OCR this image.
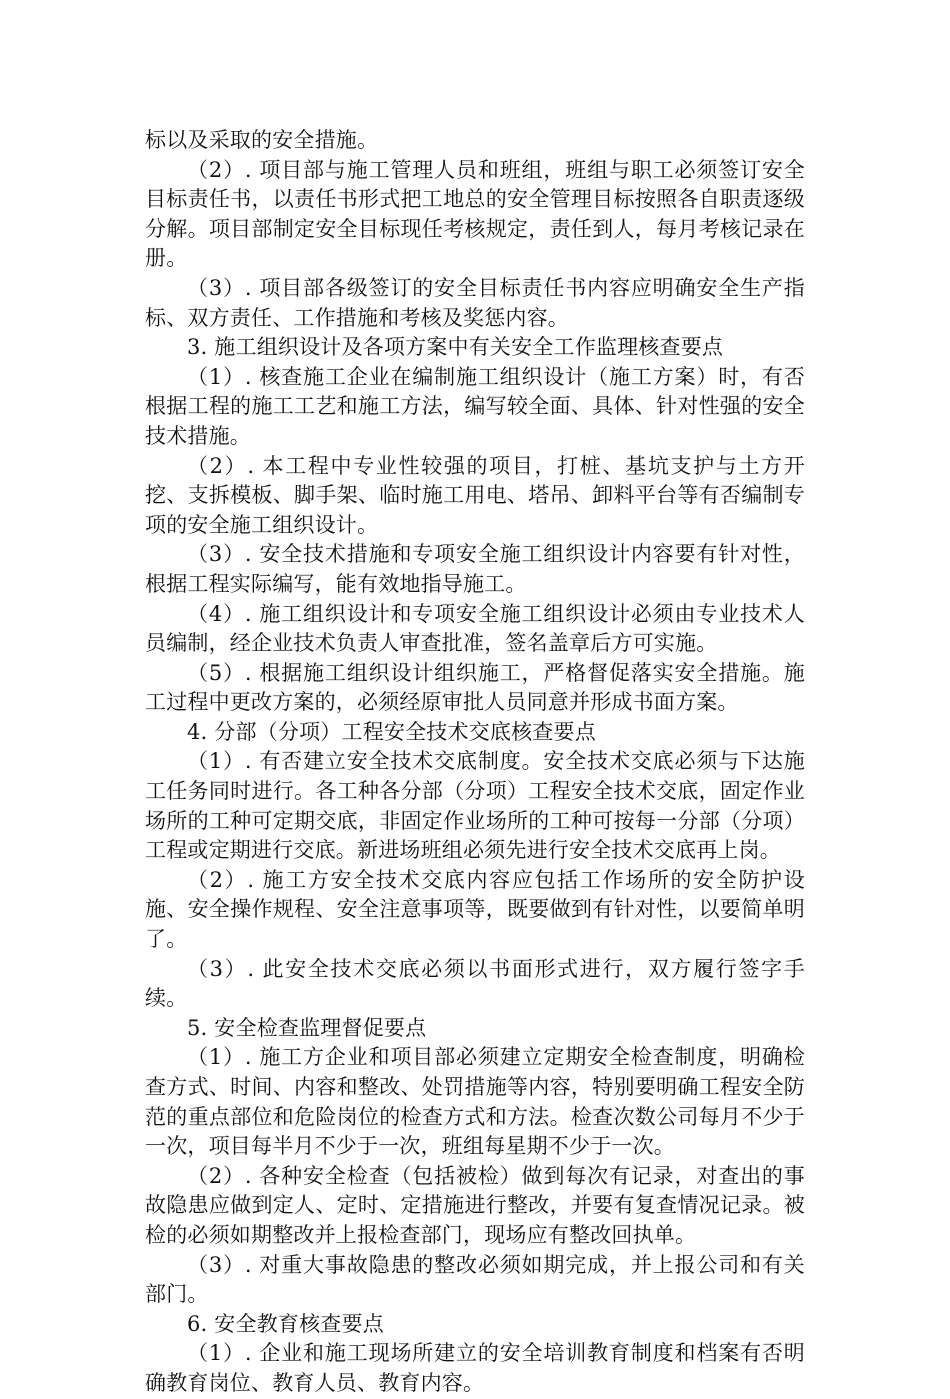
标以及采取的安全措施。

（2）. 项目部与施工管理人员和班组，班组与职工必须签订安全目标责任书，以责任书形式把工地总的安全管理目标按照各自职责逐级分解。项目部制定安全目标现任考核规定，责任到人，每月考核记录在册。

（3）. 项目部各级签订的安全目标责任书内容应明确安全生产指标、双方责任、工作措施和考核及奖惩内容。

3. 施工组织设计及各项方案中有关安全工作监理核查要点

（1）. 核查施工企业在编制施工组织设计（施工方案）时，有否根据工程的施工工艺和施工方法，编写较全面、具体、针对性强的安全技术措施。

（2）. 本工程中专业性较强的项目，打桩、基坑支护与土方开挖、支拆模板、脚手架、临时施工用电、塔吊、卸料平台等有否编制专项的安全施工组织设计。

（3）. 安全技术措施和专项安全施工组织设计内容要有针对性，根据工程实际编写，能有效地指导施工。

（4）. 施工组织设计和专项安全施工组织设计必须由专业技术人员编制，经企业技术负责人审查批准，签名盖章后方可实施。

（5）. 根据施工组织设计组织施工，严格督促落实安全措施。施工过程中更改方案的，必须经原审批人员同意并形成书面方案。

4. 分部（分项）工程安全技术交底核查要点

（1）. 有否建立安全技术交底制度。安全技术交底必须与下达施工任务同时进行。各工种各分部（分项）工程安全技术交底，固定作业场所的工种可定期交底，非固定作业场所的工种可按每一分部（分项）工程或定期进行交底。新进场班组必须先进行安全技术交底再上岗。

（2）. 施工方安全技术交底内容应包括工作场所的安全防护设施、安全操作规程、安全注意事项等，既要做到有针对性，以要简单明了。

（3）. 此安全技术交底必须以书面形式进行，双方履行签字手续。

5. 安全检查监理督促要点

（1）. 施工方企业和项目部必须建立定期安全检查制度，明确检查方式、时间、内容和整改、处罚措施等内容，特别要明确工程安全防范的重点部位和危险岗位的检查方式和方法。检查次数公司每月不少于一次，项目每半月不少于一次，班组每星期不少于一次。

（2）. 各种安全检查（包括被检）做到每次有记录，对查出的事故隐患应做到定人、定时、定措施进行整改，并要有复查情况记录。被检的必须如期整改并上报检查部门，现场应有整改回执单。

（3）. 对重大事故隐患的整改必须如期完成，并上报公司和有关部门。

6. 安全教育核查要点

（1）. 企业和施工现场所建立的安全培训教育制度和档案有否明确教育岗位、教育人员、教育内容。
